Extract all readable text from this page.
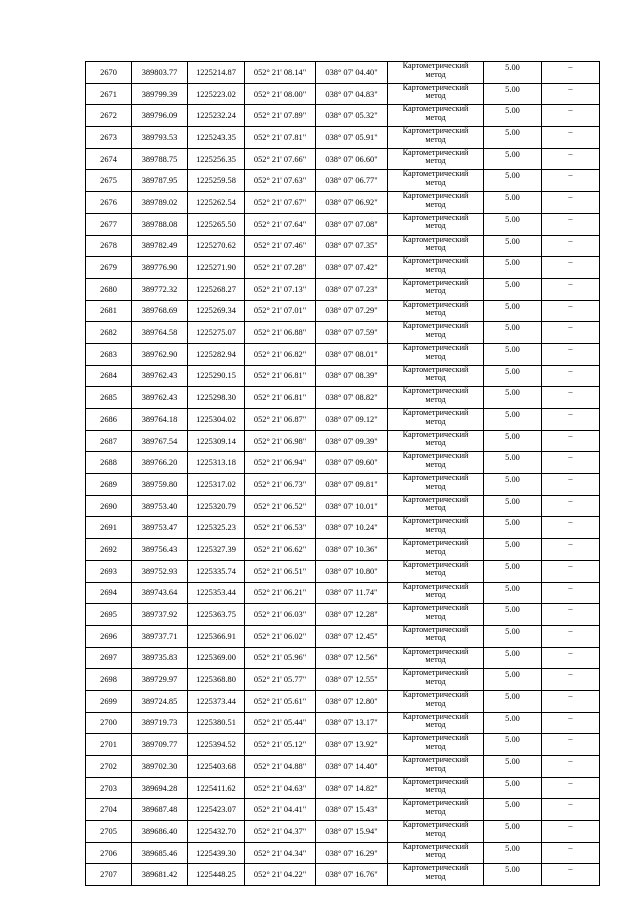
2670	389803.77	1225214.87	052° 21' 08.14"	038° 07' 04.40"	Картометрический
метод	5.00	–
2671	389799.39	1225223.02	052° 21' 08.00"	038° 07' 04.83"	Картометрический
метод	5.00	–
2672	389796.09	1225232.24	052° 21' 07.89"	038° 07' 05.32"	Картометрический
метод	5.00	–
2673	389793.53	1225243.35	052° 21' 07.81"	038° 07' 05.91"	Картометрический
метод	5.00	–
2674	389788.75	1225256.35	052° 21' 07.66"	038° 07' 06.60"	Картометрический
метод	5.00	–
2675	389787.95	1225259.58	052° 21' 07.63"	038° 07' 06.77"	Картометрический
метод	5.00	–
2676	389789.02	1225262.54	052° 21' 07.67"	038° 07' 06.92"	Картометрический
метод	5.00	–
2677	389788.08	1225265.50	052° 21' 07.64"	038° 07' 07.08"	Картометрический
метод	5.00	–
2678	389782.49	1225270.62	052° 21' 07.46"	038° 07' 07.35"	Картометрический
метод	5.00	–
2679	389776.90	1225271.90	052° 21' 07.28"	038° 07' 07.42"	Картометрический
метод	5.00	–
2680	389772.32	1225268.27	052° 21' 07.13"	038° 07' 07.23"	Картометрический
метод	5.00	–
2681	389768.69	1225269.34	052° 21' 07.01"	038° 07' 07.29"	Картометрический
метод	5.00	–
2682	389764.58	1225275.07	052° 21' 06.88"	038° 07' 07.59"	Картометрический
метод	5.00	–
2683	389762.90	1225282.94	052° 21' 06.82"	038° 07' 08.01"	Картометрический
метод	5.00	–
2684	389762.43	1225290.15	052° 21' 06.81"	038° 07' 08.39"	Картометрический
метод	5.00	–
2685	389762.43	1225298.30	052° 21' 06.81"	038° 07' 08.82"	Картометрический
метод	5.00	–
2686	389764.18	1225304.02	052° 21' 06.87"	038° 07' 09.12"	Картометрический
метод	5.00	–
2687	389767.54	1225309.14	052° 21' 06.98"	038° 07' 09.39"	Картометрический
метод	5.00	–
2688	389766.20	1225313.18	052° 21' 06.94"	038° 07' 09.60"	Картометрический
метод	5.00	–
2689	389759.80	1225317.02	052° 21' 06.73"	038° 07' 09.81"	Картометрический
метод	5.00	–
2690	389753.40	1225320.79	052° 21' 06.52"	038° 07' 10.01"	Картометрический
метод	5.00	–
2691	389753.47	1225325.23	052° 21' 06.53"	038° 07' 10.24"	Картометрический
метод	5.00	–
2692	389756.43	1225327.39	052° 21' 06.62"	038° 07' 10.36"	Картометрический
метод	5.00	–
2693	389752.93	1225335.74	052° 21' 06.51"	038° 07' 10.80"	Картометрический
метод	5.00	–
2694	389743.64	1225353.44	052° 21' 06.21"	038° 07' 11.74"	Картометрический
метод	5.00	–
2695	389737.92	1225363.75	052° 21' 06.03"	038° 07' 12.28"	Картометрический
метод	5.00	–
2696	389737.71	1225366.91	052° 21' 06.02"	038° 07' 12.45"	Картометрический
метод	5.00	–
2697	389735.83	1225369.00	052° 21' 05.96"	038° 07' 12.56"	Картометрический
метод	5.00	–
2698	389729.97	1225368.80	052° 21' 05.77"	038° 07' 12.55"	Картометрический
метод	5.00	–
2699	389724.85	1225373.44	052° 21' 05.61"	038° 07' 12.80"	Картометрический
метод	5.00	–
2700	389719.73	1225380.51	052° 21' 05.44"	038° 07' 13.17"	Картометрический
метод	5.00	–
2701	389709.77	1225394.52	052° 21' 05.12"	038° 07' 13.92"	Картометрический
метод	5.00	–
2702	389702.30	1225403.68	052° 21' 04.88"	038° 07' 14.40"	Картометрический
метод	5.00	–
2703	389694.28	1225411.62	052° 21' 04.63"	038° 07' 14.82"	Картометрический
метод	5.00	–
2704	389687.48	1225423.07	052° 21' 04.41"	038° 07' 15.43"	Картометрический
метод	5.00	–
2705	389686.40	1225432.70	052° 21' 04.37"	038° 07' 15.94"	Картометрический
метод	5.00	–
2706	389685.46	1225439.30	052° 21' 04.34"	038° 07' 16.29"	Картометрический
метод	5.00	–
2707	389681.42	1225448.25	052° 21' 04.22"	038° 07' 16.76"	Картометрический
метод	5.00	–
